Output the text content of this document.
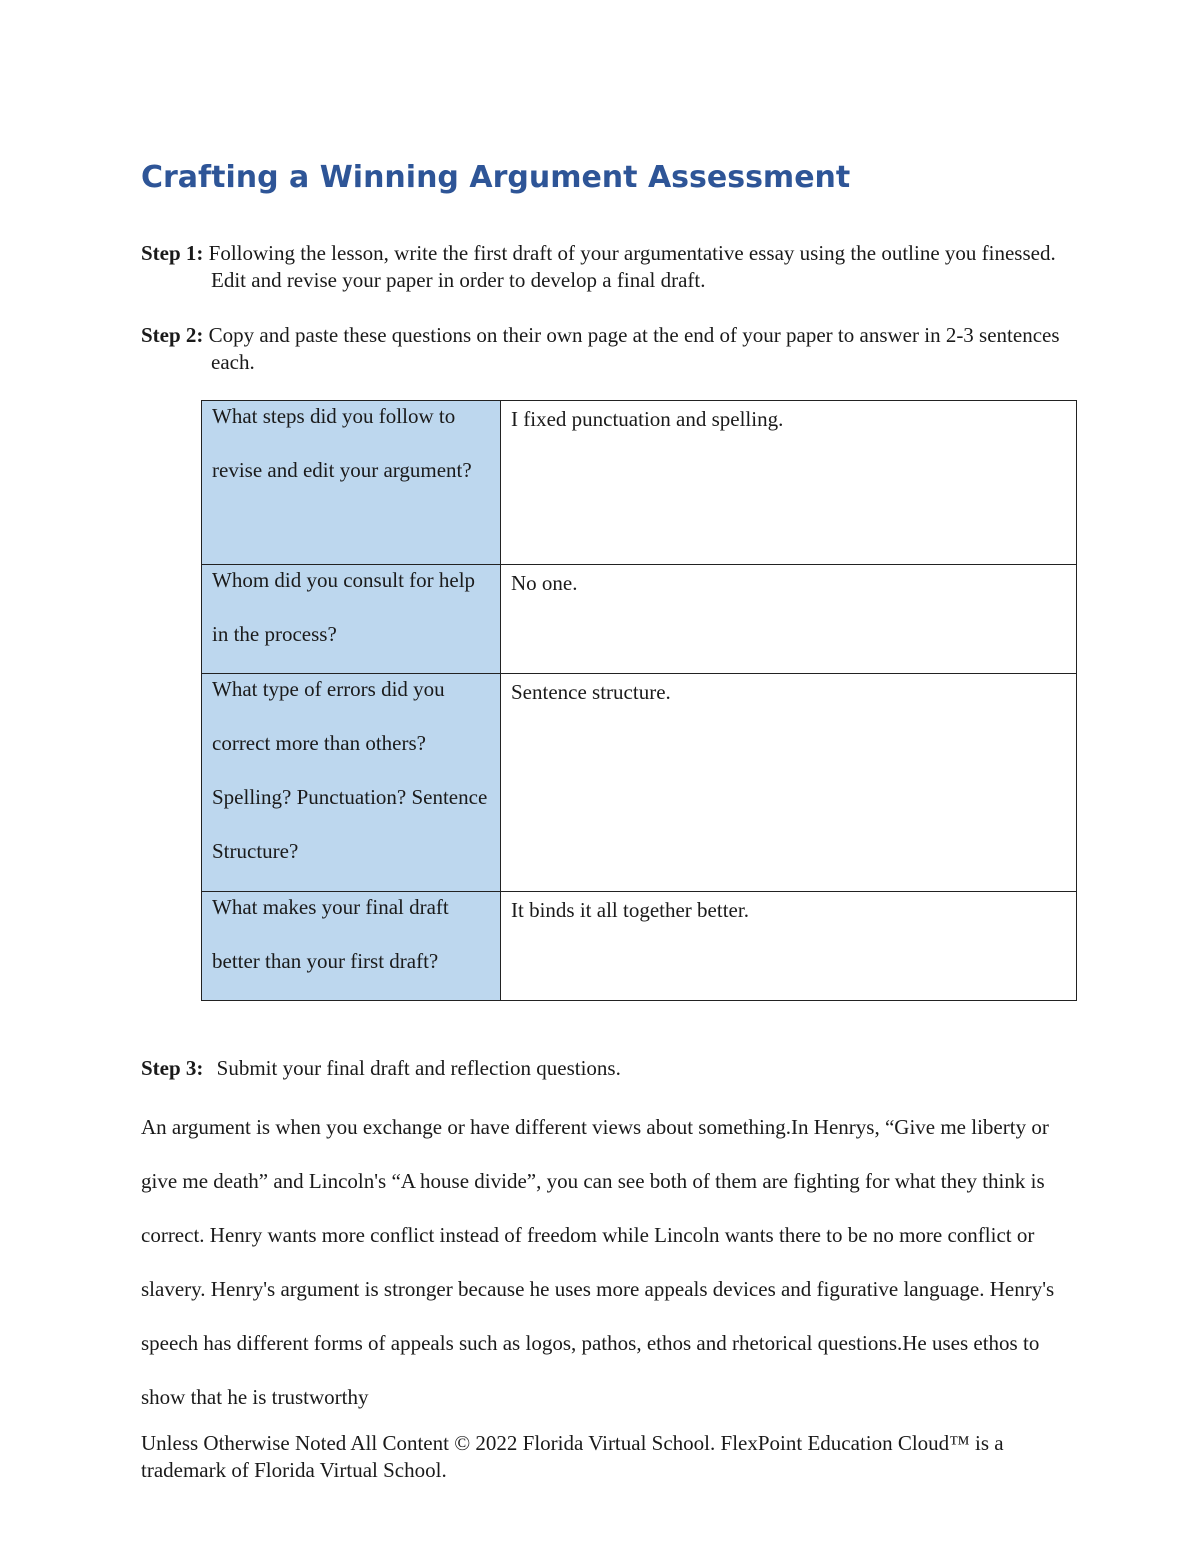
Crafting a Winning Argument Assessment
Step 1: Following the lesson, write the first draft of your argumentative essay using the outline you finessed. Edit and revise your paper in order to develop a final draft.
Step 2: Copy and paste these questions on their own page at the end of your paper to answer in 2-3 sentences each.
What steps did you follow to revise and edit your argument?	I fixed punctuation and spelling.

Whom did you consult for help in the process?	No one.

What type of errors did you correct more than others? Spelling? Punctuation? Sentence Structure?	Sentence structure.

What makes your final draft better than your first draft?	It binds it all together better.
Step 3: Submit your final draft and reflection questions.

An argument is when you exchange or have different views about something.In Henrys, “Give me liberty or give me death” and Lincoln's “A house divide”, you can see both of them are fighting for what they think is correct. Henry wants more conflict instead of freedom while Lincoln wants there to be no more conflict or slavery. Henry's argument is stronger because he uses more appeals devices and figurative language. Henry's speech has different forms of appeals such as logos, pathos, ethos and rhetorical questions.He uses ethos to show that he is trustworthy

Unless Otherwise Noted All Content © 2022 Florida Virtual School. FlexPoint Education Cloud™ is a trademark of Florida Virtual School.
